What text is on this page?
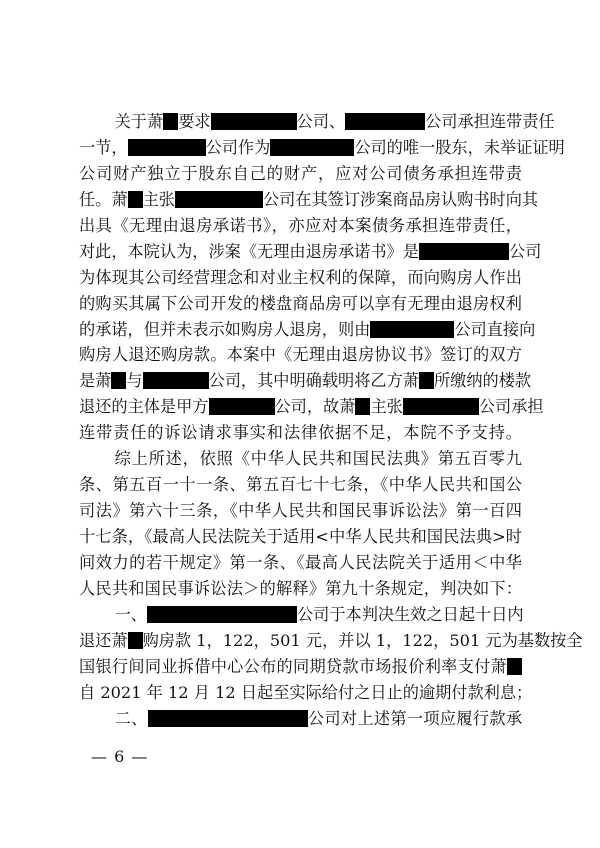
关于萧 要求	公司、	公司承担连带责任
一节，	公司作为	公司的唯一股东，未举证证明
公司财产独立于股东自己的财产，应对公司债务承担连带责
任。萧 主张	公司在其签订涉案商品房认购书时向其
出具《无理由退房承诺书》，亦应对本案债务承担连带责任，
对此，本院认为，涉案《无理由退房承诺书》是	公司
为体现其公司经营理念和对业主权利的保障，而向购房人作出
的购买其属下公司开发的楼盘商品房可以享有无理由退房权利
的承诺，但并未表示如购房人退房，则由	公司直接向
购房人退还购房款。本案中《无理由退房协议书》签订的双方
是萧 与	公司，其中明确载明将乙方萧 所缴纳的楼款
退还的主体是甲方	公司，故萧 主张	公司承担
连带责任的诉讼请求事实和法律依据不足，本院不予支持。
综上所述，依照《中华人民共和国民法典》第五百零九
条、第五百一十一条、第五百七十七条，《中华人民共和国公
司法》第六十三条，《中华人民共和国民事诉讼法》第一百四
十七条，《最高人民法院关于适用<中华人民共和国民法典>时
间效力的若干规定》第一条、《最高人民法院关于适用＜中华
人民共和国民事诉讼法＞的解释》第九十条规定，判决如下：
一、	公司于本判决生效之日起十日内
退还萧 购房款 1，122，501 元，并以 1，122，501 元为基数按全
国银行间同业拆借中心公布的同期贷款市场报价利率支付萧
自 2021 年 12 月 12 日起至实际给付之日止的逾期付款利息；
二、	公司对上述第一项应履行款承
— 6 —
